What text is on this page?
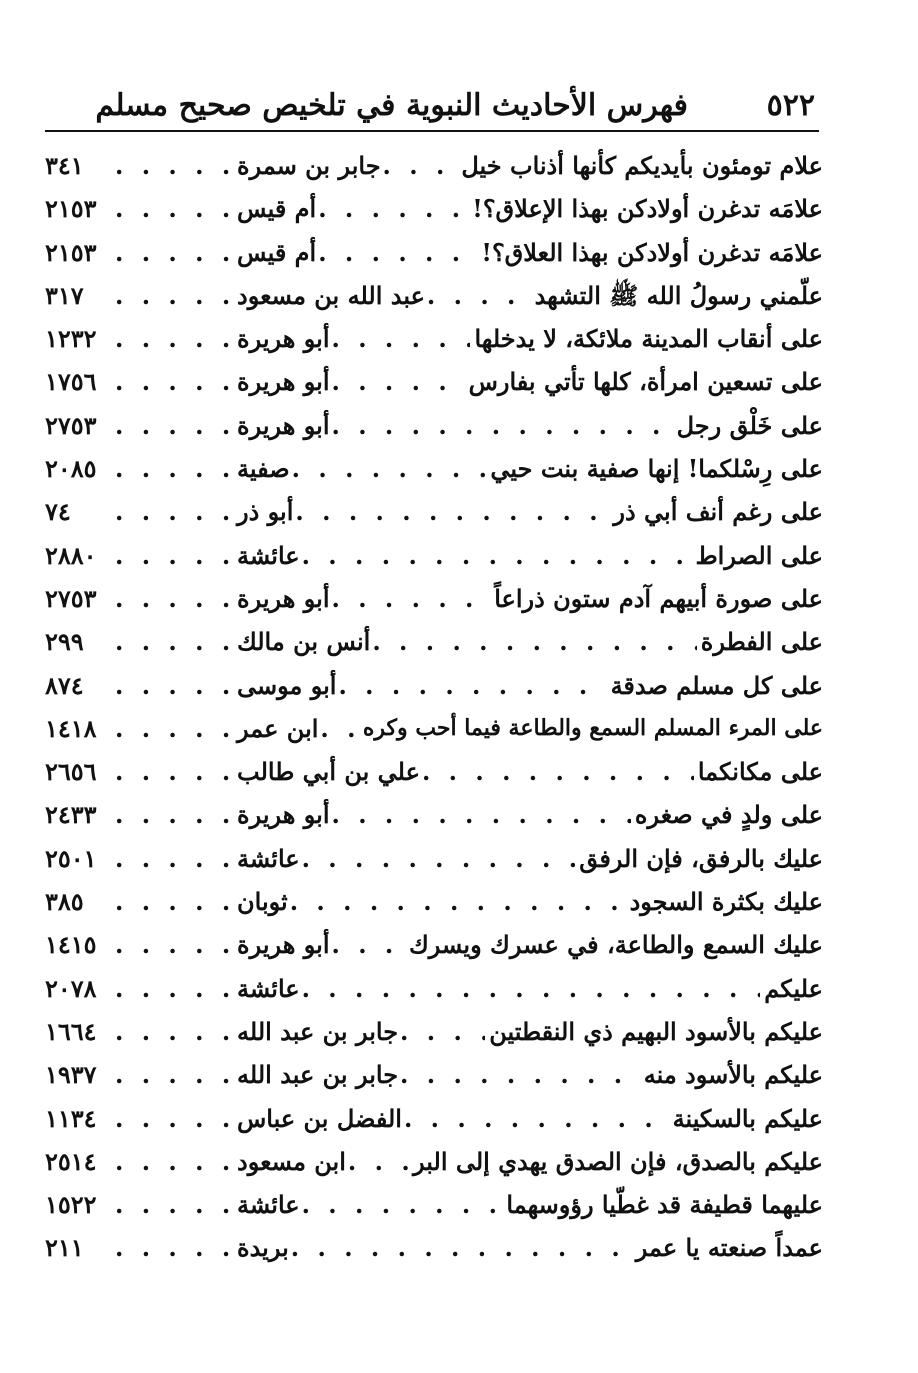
٥٢٢
فهرس الأحاديث النبوية في تلخيص صحيح مسلم
علام تومئون بأيديكم كأنها أذناب خيل
. . .
جابر بن سمرة
. . .
٣٤١
علامَه تدغرن أولادكن بهذا الإعلاق؟!
. . .
أم قيس
. . .
٢١٥٣
علامَه تدغرن أولادكن بهذا العلاق؟!
. . .
أم قيس
. . .
٢١٥٣
علّمني رسولُ الله ﷺ التشهد
. . .
عبد الله بن مسعود
. . .
٣١٧
على أنقاب المدينة ملائكة، لا يدخلها
. . .
أبو هريرة
. . .
١٢٣٢
على تسعين امرأة، كلها تأتي بفارس
. . .
أبو هريرة
. . .
١٧٥٦
على خَلْق رجل
. . .
أبو هريرة
. . .
٢٧٥٣
على رِسْلكما! إنها صفية بنت حيي
. . .
صفية
. . .
٢٠٨٥
على رغم أنف أبي ذر
. . .
أبو ذر
. . .
٧٤
على الصراط
. . .
عائشة
. . .
٢٨٨٠
على صورة أبيهم آدم ستون ذراعاً
. . .
أبو هريرة
. . .
٢٧٥٣
على الفطرة
. . .
أنس بن مالك
. . .
٢٩٩
على كل مسلم صدقة
. . .
أبو موسى
. . .
٨٧٤
على المرء المسلم السمع والطاعة فيما أحب وكره
. . .
ابن عمر
. . .
١٤١٨
على مكانكما
. . .
علي بن أبي طالب
. . .
٢٦٥٦
على ولدٍ في صغره
. . .
أبو هريرة
. . .
٢٤٣٣
عليك بالرفق، فإن الرفق
. . .
عائشة
. . .
٢٥٠١
عليك بكثرة السجود
. . .
ثوبان
. . .
٣٨٥
عليك السمع والطاعة، في عسرك ويسرك
. . .
أبو هريرة
. . .
١٤١٥
عليكم
. . .
عائشة
. . .
٢٠٧٨
عليكم بالأسود البهيم ذي النقطتين
. . .
جابر بن عبد الله
. . .
١٦٦٤
عليكم بالأسود منه
. . .
جابر بن عبد الله
. . .
١٩٣٧
عليكم بالسكينة
. . .
الفضل بن عباس
. . .
١١٣٤
عليكم بالصدق، فإن الصدق يهدي إلى البر
. . .
ابن مسعود
. . .
٢٥١٤
عليهما قطيفة قد غطّيا رؤوسهما
. . .
عائشة
. . .
١٥٢٢
عمداً صنعته يا عمر
. . .
بريدة
. . .
٢١١
